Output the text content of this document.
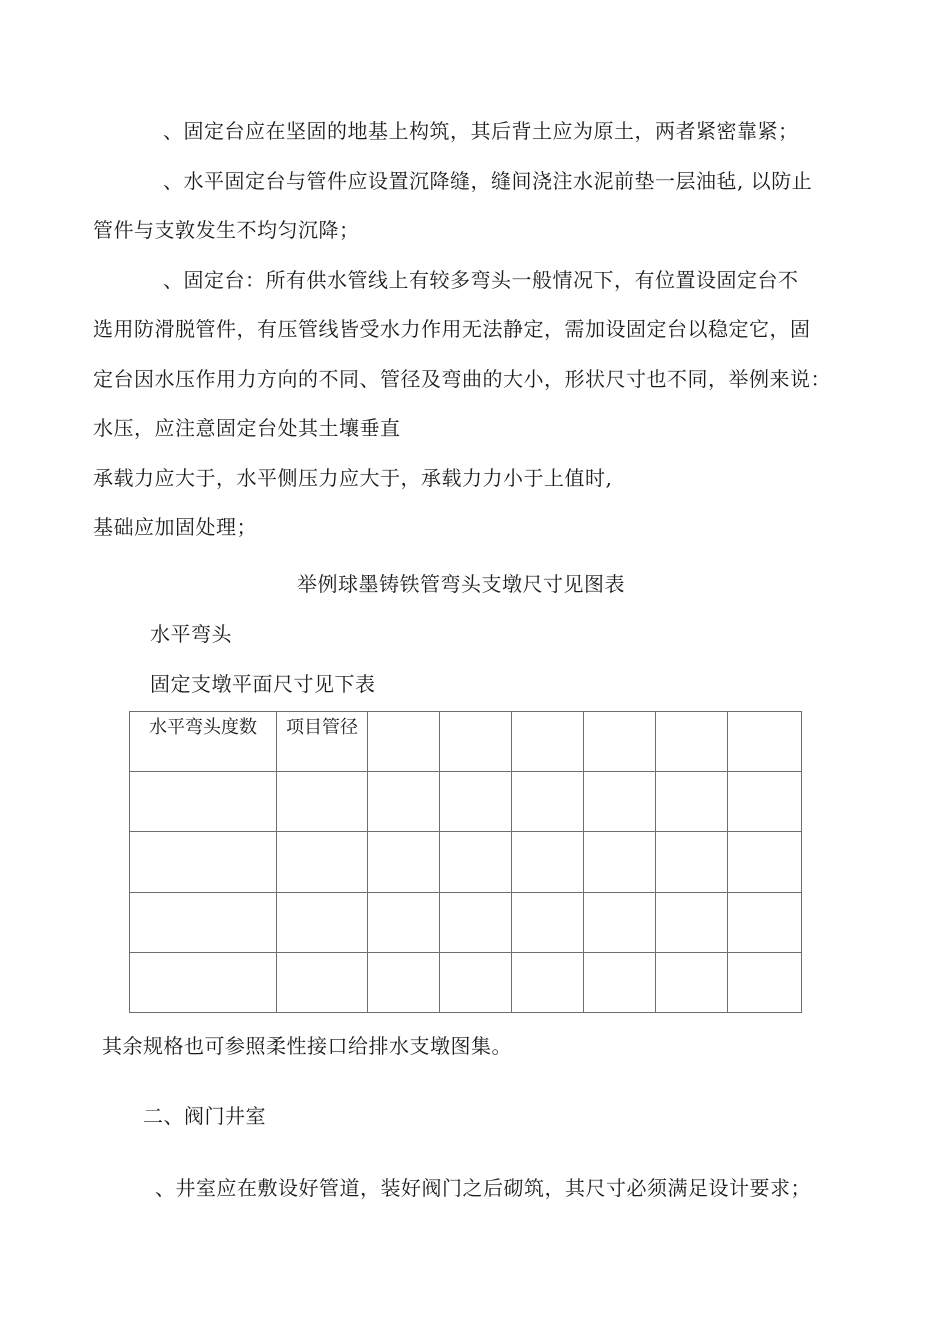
、固定台应在坚固的地基上构筑，其后背土应为原土，两者紧密靠紧；
、水平固定台与管件应设置沉降缝，缝间浇注水泥前垫一层油毡, 以防止
管件与支敦发生不均匀沉降；
、固定台：所有供水管线上有较多弯头一般情况下，有位置设固定台不
选用防滑脱管件，有压管线皆受水力作用无法静定，需加设固定台以稳定它，固
定台因水压作用力方向的不同、管径及弯曲的大小，形状尺寸也不同，举例来说：
水压，应注意固定台处其土壤垂直
承载力应大于，水平侧压力应大于，承载力力小于上值时,
基础应加固处理；
举例球墨铸铁管弯头支墩尺寸见图表
水平弯头
固定支墩平面尺寸见下表
水平弯头度数	项目管径						

其余规格也可参照柔性接口给排水支墩图集。
二、阀门井室
、井室应在敷设好管道，装好阀门之后砌筑，其尺寸必须满足设计要求；
